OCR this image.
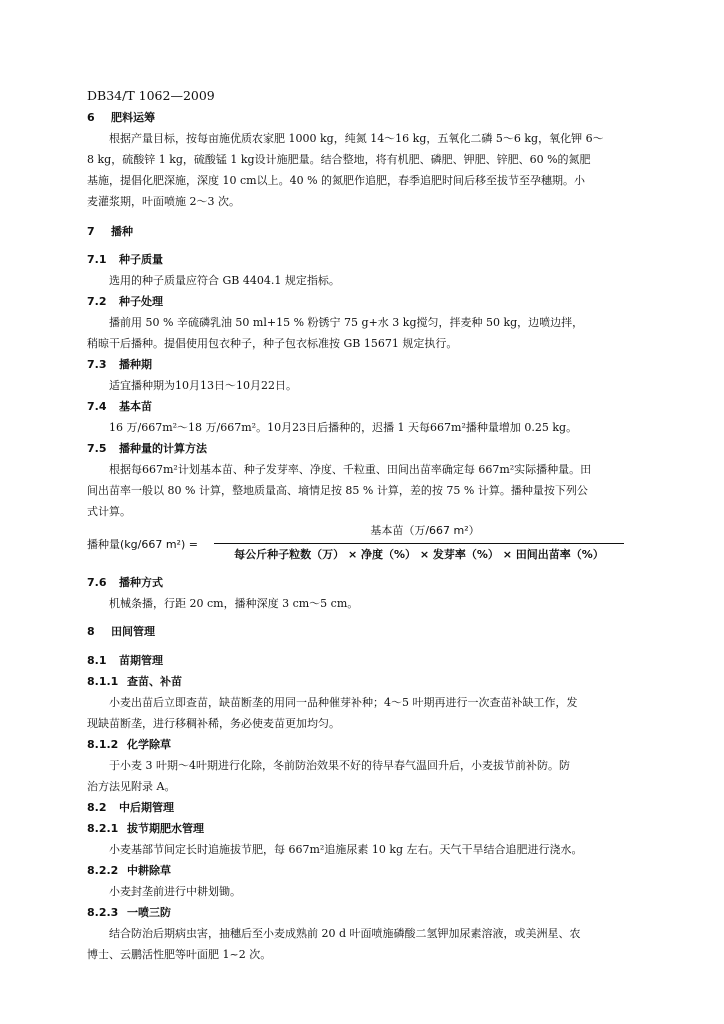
DB34/T 1062—2009
6 肥料运筹
根据产量目标，按每亩施优质农家肥 1000 kg，纯氮 14～16 kg，五氧化二磷 5～6 kg，氧化钾 6～
8 kg，硫酸锌 1 kg，硫酸锰 1 kg设计施肥量。结合整地，将有机肥、磷肥、钾肥、锌肥、60 %的氮肥
基施，提倡化肥深施，深度 10 cm以上。40 % 的氮肥作追肥，春季追肥时间后移至拔节至孕穗期。小
麦灌浆期，叶面喷施 2～3 次。
7 播种
7.1 种子质量
选用的种子质量应符合 GB 4404.1 规定指标。
7.2 种子处理
播前用 50 % 辛硫磷乳油 50 ml+15 % 粉锈宁 75 g+水 3 kg搅匀，拌麦种 50 kg，边喷边拌，
稍晾干后播种。提倡使用包衣种子，种子包衣标准按 GB 15671 规定执行。
7.3 播种期
适宜播种期为10月13日～10月22日。
7.4 基本苗
16 万/667m²～18 万/667m²。10月23日后播种的，迟播 1 天每667m²播种量增加 0.25 kg。
7.5 播种量的计算方法
根据每667m²计划基本苗、种子发芽率、净度、千粒重、田间出苗率确定每 667m²实际播种量。田
间出苗率一般以 80 % 计算，整地质量高、墒情足按 85 % 计算，差的按 75 % 计算。播种量按下列公
式计算。
播种量(kg/667 m²) =
基本苗（万/667 m²）
每公斤种子粒数（万） × 净度（%） × 发芽率（%） × 田间出苗率（%）
7.6 播种方式
机械条播，行距 20 cm，播种深度 3 cm～5 cm。
8 田间管理
8.1 苗期管理
8.1.1 查苗、补苗
小麦出苗后立即查苗，缺苗断垄的用同一品种催芽补种；4～5 叶期再进行一次查苗补缺工作，发
现缺苗断垄，进行移稠补稀，务必使麦苗更加均匀。
8.1.2 化学除草
于小麦 3 叶期～4叶期进行化除，冬前防治效果不好的待早春气温回升后，小麦拔节前补防。防
治方法见附录 A。
8.2 中后期管理
8.2.1 拔节期肥水管理
小麦基部节间定长时追施拔节肥，每 667m²追施尿素 10 kg 左右。天气干旱结合追肥进行浇水。
8.2.2 中耕除草
小麦封垄前进行中耕划锄。
8.2.3 一喷三防
结合防治后期病虫害，抽穗后至小麦成熟前 20 d 叶面喷施磷酸二氢钾加尿素溶液，或美洲星、农
博士、云鹏活性肥等叶面肥 1~2 次。
